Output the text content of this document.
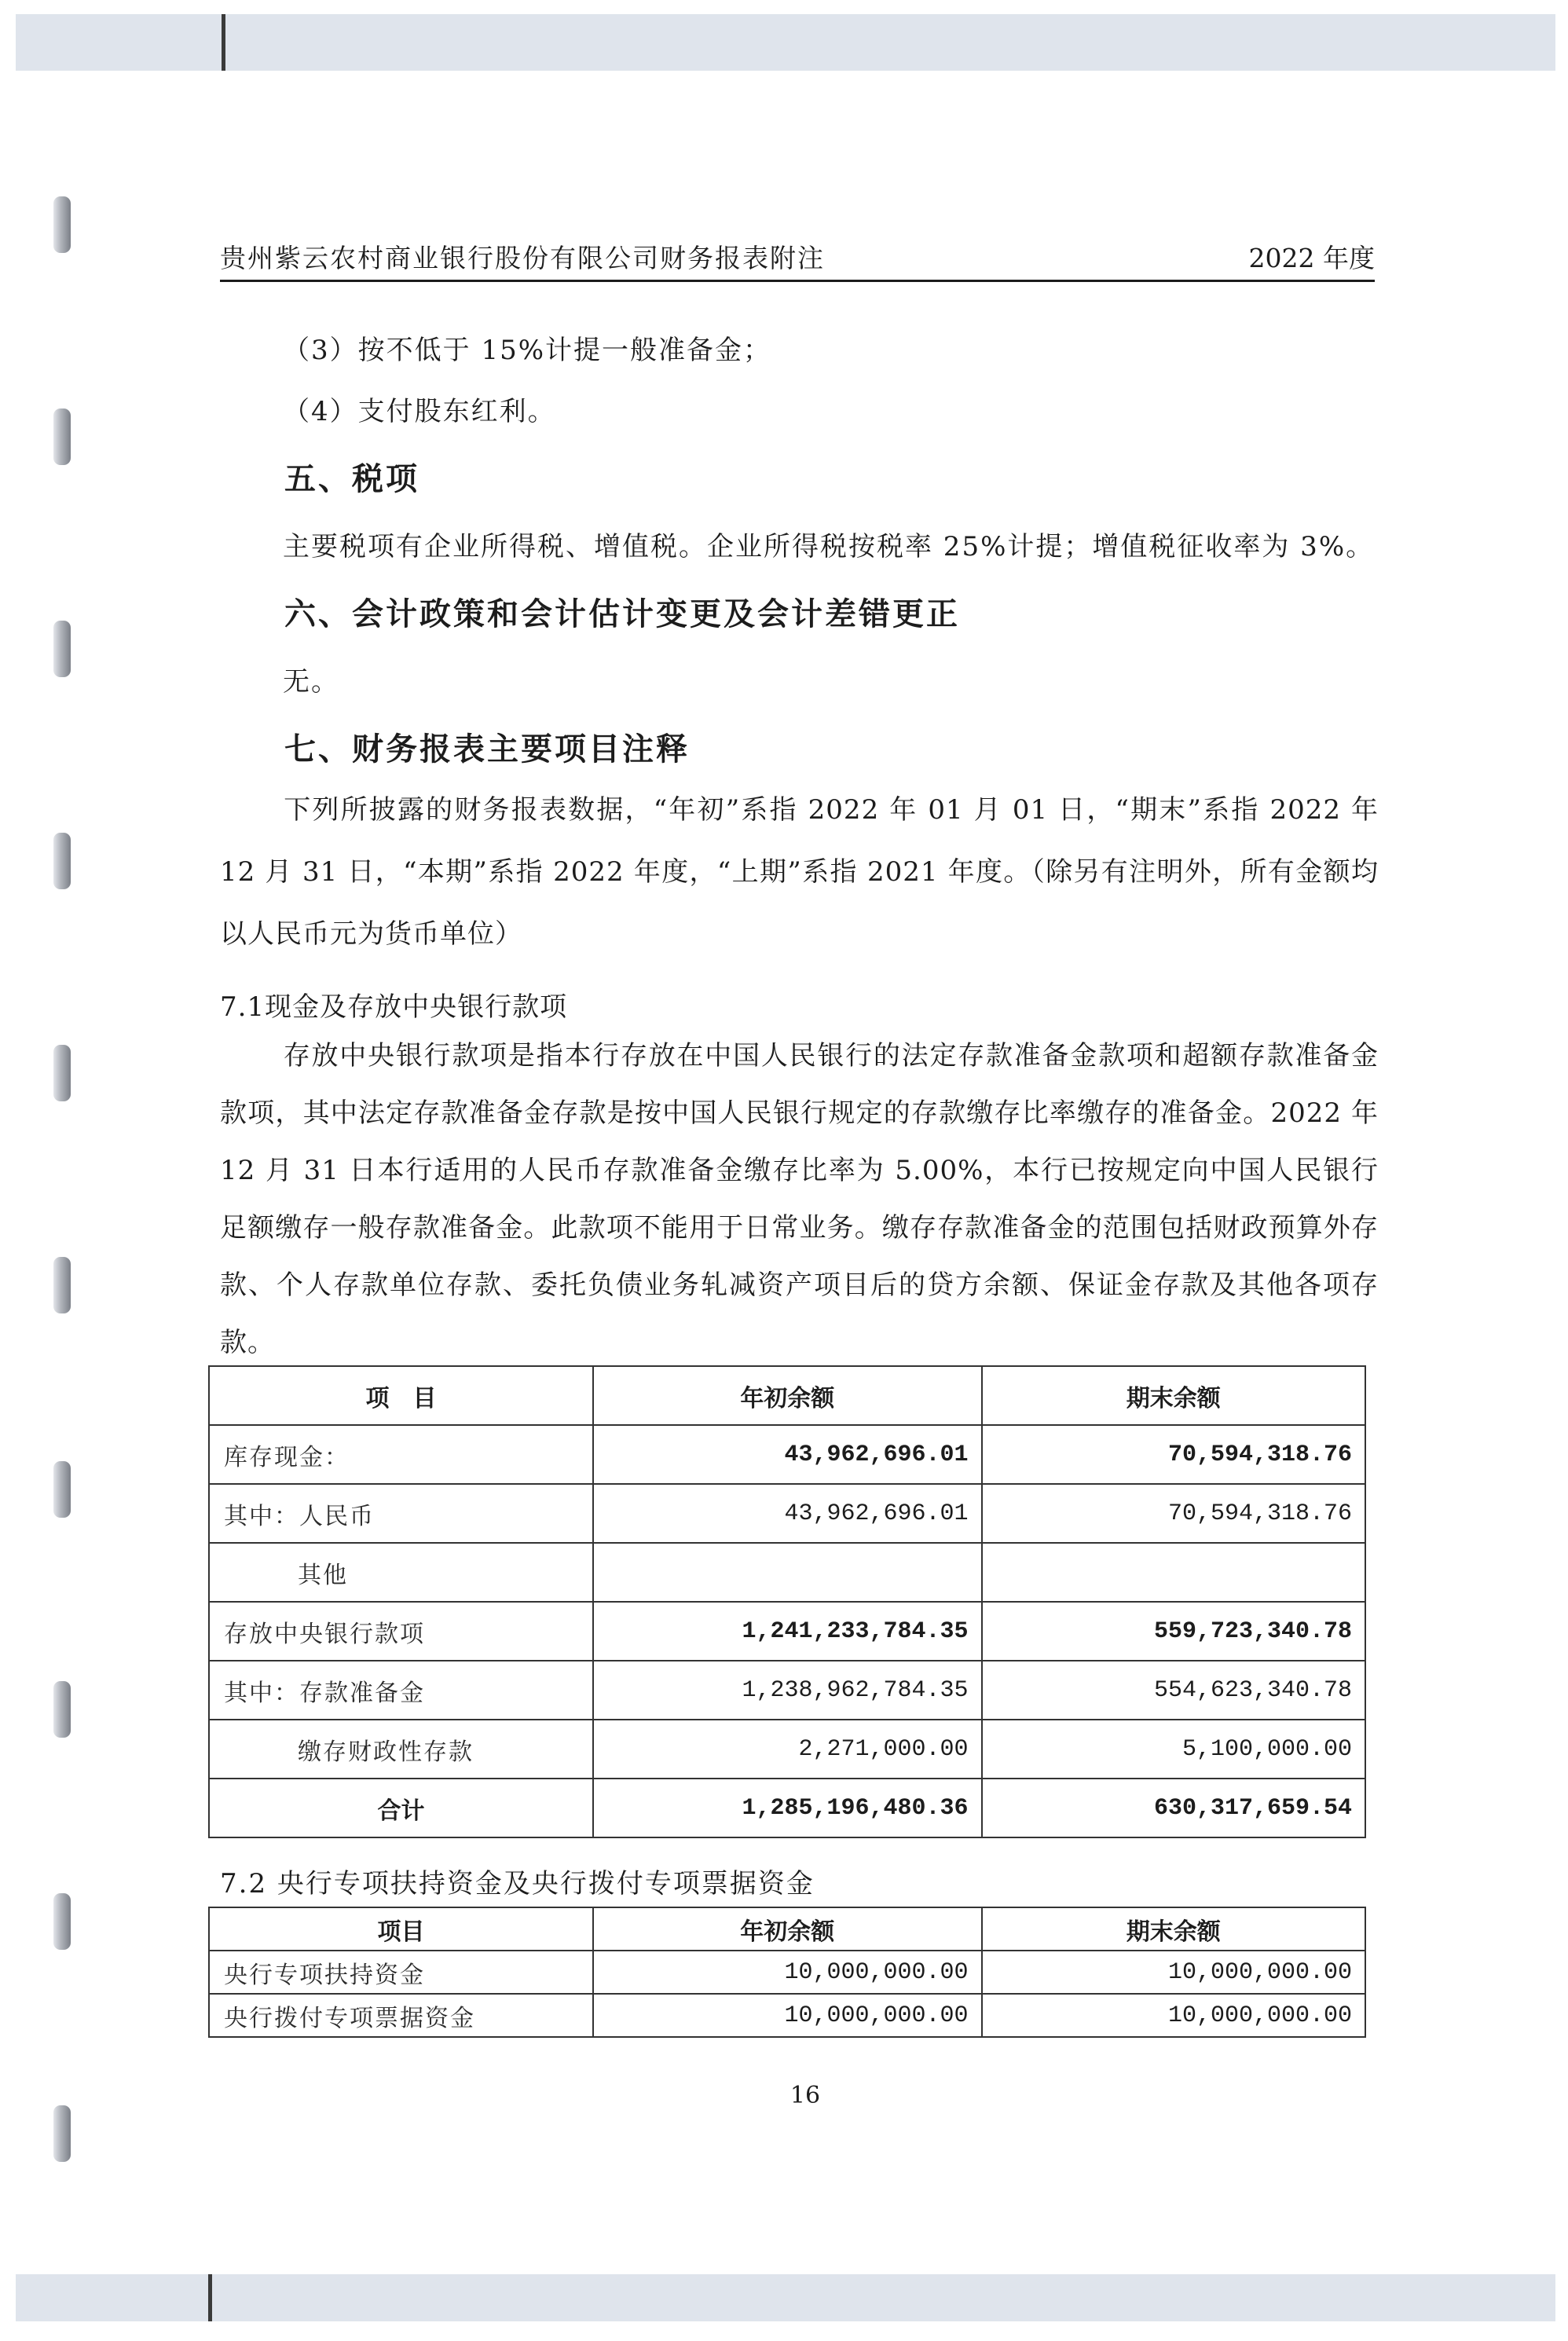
贵州紫云农村商业银行股份有限公司财务报表附注	2022 年度
（3）按不低于 15%计提一般准备金；
（4）支付股东红利。
五、税项
主要税项有企业所得税、增值税。企业所得税按税率 25%计提；增值税征收率为 3%。
六、会计政策和会计估计变更及会计差错更正
无。
七、财务报表主要项目注释

下列所披露的财务报表数据，“年初”系指 2022 年 01 月 01 日，“期末”系指 2022 年 12 月 31 日，“本期”系指 2022 年度，“上期”系指 2021 年度。（除另有注明外，所有金额均以人民币元为货币单位）

7.1现金及存放中央银行款项

存放中央银行款项是指本行存放在中国人民银行的法定存款准备金款项和超额存款准备金款项，其中法定存款准备金存款是按中国人民银行规定的存款缴存比率缴存的准备金。2022 年 12 月 31 日本行适用的人民币存款准备金缴存比率为 5.00%，本行已按规定向中国人民银行足额缴存一般存款准备金。此款项不能用于日常业务。缴存存款准备金的范围包括财政预算外存款、个人存款单位存款、委托负债业务轧减资产项目后的贷方余额、保证金存款及其他各项存款。

项　目	年初余额	期末余额
库存现金：	43,962,696.01	70,594,318.76
其中：人民币	43,962,696.01	70,594,318.76
其他		
存放中央银行款项	1,241,233,784.35	559,723,340.78
其中：存款准备金	1,238,962,784.35	554,623,340.78
缴存财政性存款	2,271,000.00	5,100,000.00
合计	1,285,196,480.36	630,317,659.54
7.2 央行专项扶持资金及央行拨付专项票据资金
项目	年初余额	期末余额
央行专项扶持资金	10,000,000.00	10,000,000.00
央行拨付专项票据资金	10,000,000.00	10,000,000.00
16
